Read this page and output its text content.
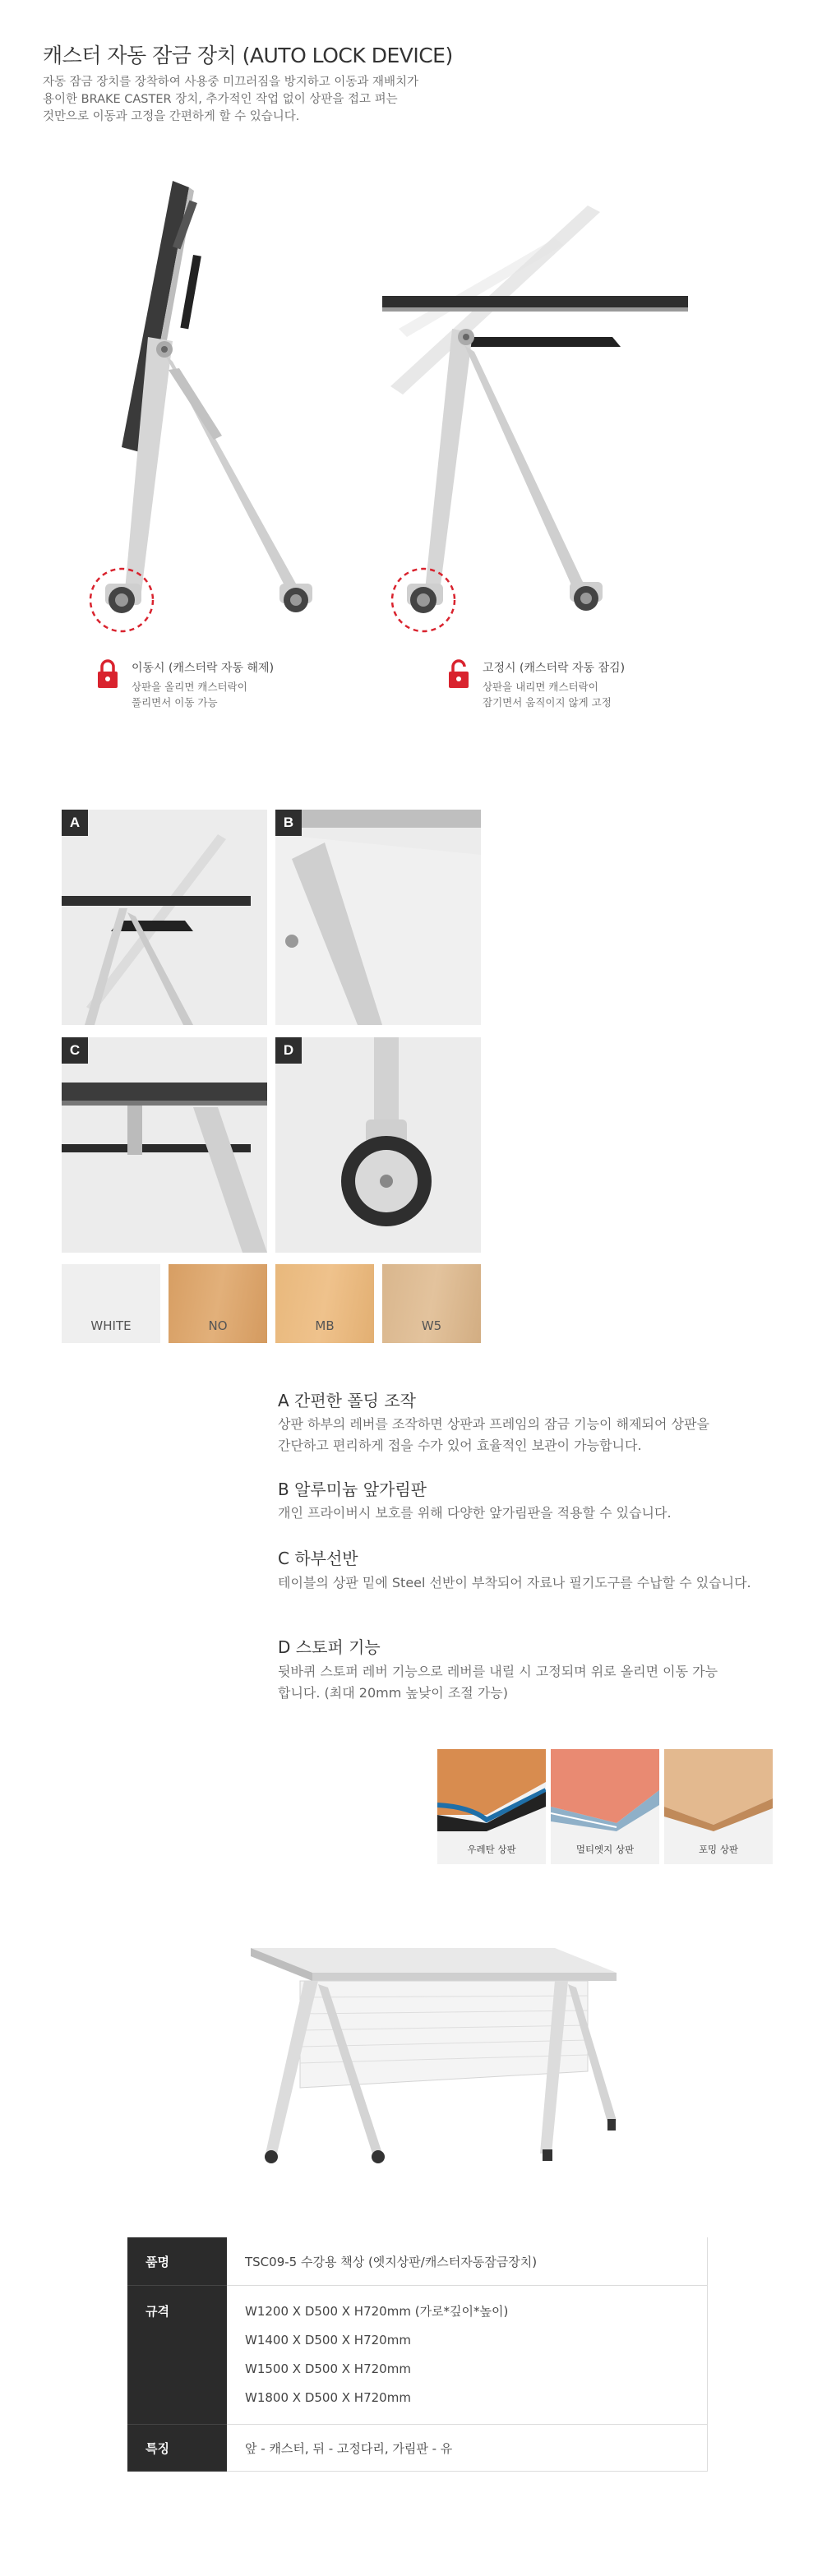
캐스터 자동 잠금 장치 (AUTO LOCK DEVICE)
자동 잠금 장치를 장착하여 사용중 미끄러짐을 방지하고 이동과 재배치가
용이한 BRAKE CASTER 장치, 추가적인 작업 없이 상판을 접고 펴는
것만으로 이동과 고정을 간편하게 할 수 있습니다.
이동시 (캐스터락 자동 해제)
상판을 올리면 캐스터락이
풀리면서 이동 가능
고정시 (캐스터락 자동 잠김)
상판을 내리면 캐스터락이
잠기면서 움직이지 않게 고정
A	B
C	D
WHITE	NO	MB	W5
A 간편한 폴딩 조작
상판 하부의 레버를 조작하면 상판과 프레임의 잠금 기능이 해제되어 상판을
간단하고 편리하게 접을 수가 있어 효율적인 보관이 가능합니다.
B 알루미늄 앞가림판
개인 프라이버시 보호를 위해 다양한 앞가림판을 적용할 수 있습니다.
C 하부선반
테이블의 상판 밑에 Steel 선반이 부착되어 자료나 필기도구를 수납할 수 있습니다.
D 스토퍼 기능
뒷바퀴 스토퍼 레버 기능으로 레버를 내릴 시 고정되며 위로 올리면 이동 가능
합니다. (최대 20mm 높낮이 조절 가능)
우레탄 상판	멀티엣지 상판	포밍 상판
품명	TSC09-5 수강용 책상 (엣지상판/캐스터자동잠금장치)
규격	W1200 X D500 X H720mm (가로*깊이*높이)
W1400 X D500 X H720mm
W1500 X D500 X H720mm
W1800 X D500 X H720mm

특징	앞 - 캐스터, 뒤 - 고정다리, 가림판 - 유
